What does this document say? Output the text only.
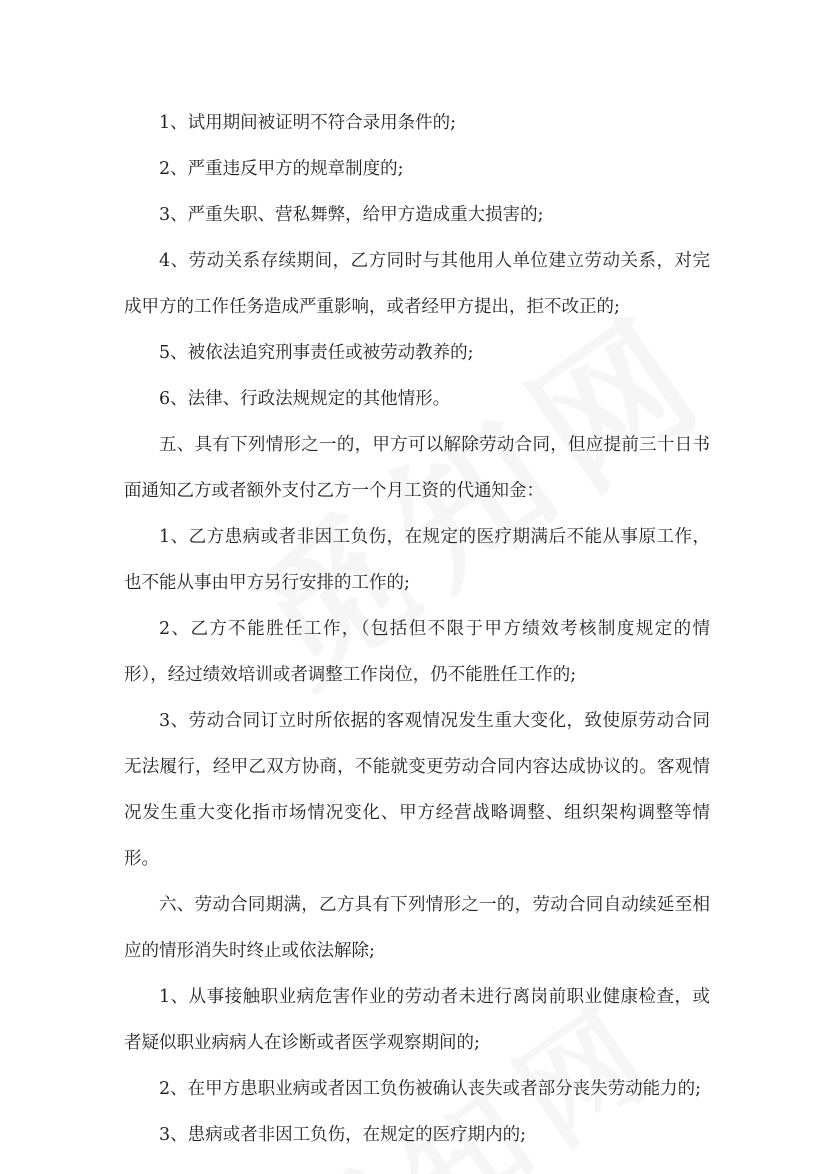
1、试用期间被证明不符合录用条件的;

2、严重违反甲方的规章制度的;

3、严重失职、营私舞弊，给甲方造成重大损害的;

4、劳动关系存续期间，乙方同时与其他用人单位建立劳动关系，对完成甲方的工作任务造成严重影响，或者经甲方提出，拒不改正的;

5、被依法追究刑事责任或被劳动教养的;

6、法律、行政法规规定的其他情形。

五、具有下列情形之一的，甲方可以解除劳动合同，但应提前三十日书面通知乙方或者额外支付乙方一个月工资的代通知金：

1、乙方患病或者非因工负伤，在规定的医疗期满后不能从事原工作，也不能从事由甲方另行安排的工作的;

2、乙方不能胜任工作，（包括但不限于甲方绩效考核制度规定的情形），经过绩效培训或者调整工作岗位，仍不能胜任工作的;

3、劳动合同订立时所依据的客观情况发生重大变化，致使原劳动合同无法履行，经甲乙双方协商，不能就变更劳动合同内容达成协议的。客观情况发生重大变化指市场情况变化、甲方经营战略调整、组织架构调整等情形。

六、劳动合同期满，乙方具有下列情形之一的，劳动合同自动续延至相应的情形消失时终止或依法解除;

1、从事接触职业病危害作业的劳动者未进行离岗前职业健康检查，或者疑似职业病病人在诊断或者医学观察期间的;

2、在甲方患职业病或者因工负伤被确认丧失或者部分丧失劳动能力的;

3、患病或者非因工负伤，在规定的医疗期内的;
